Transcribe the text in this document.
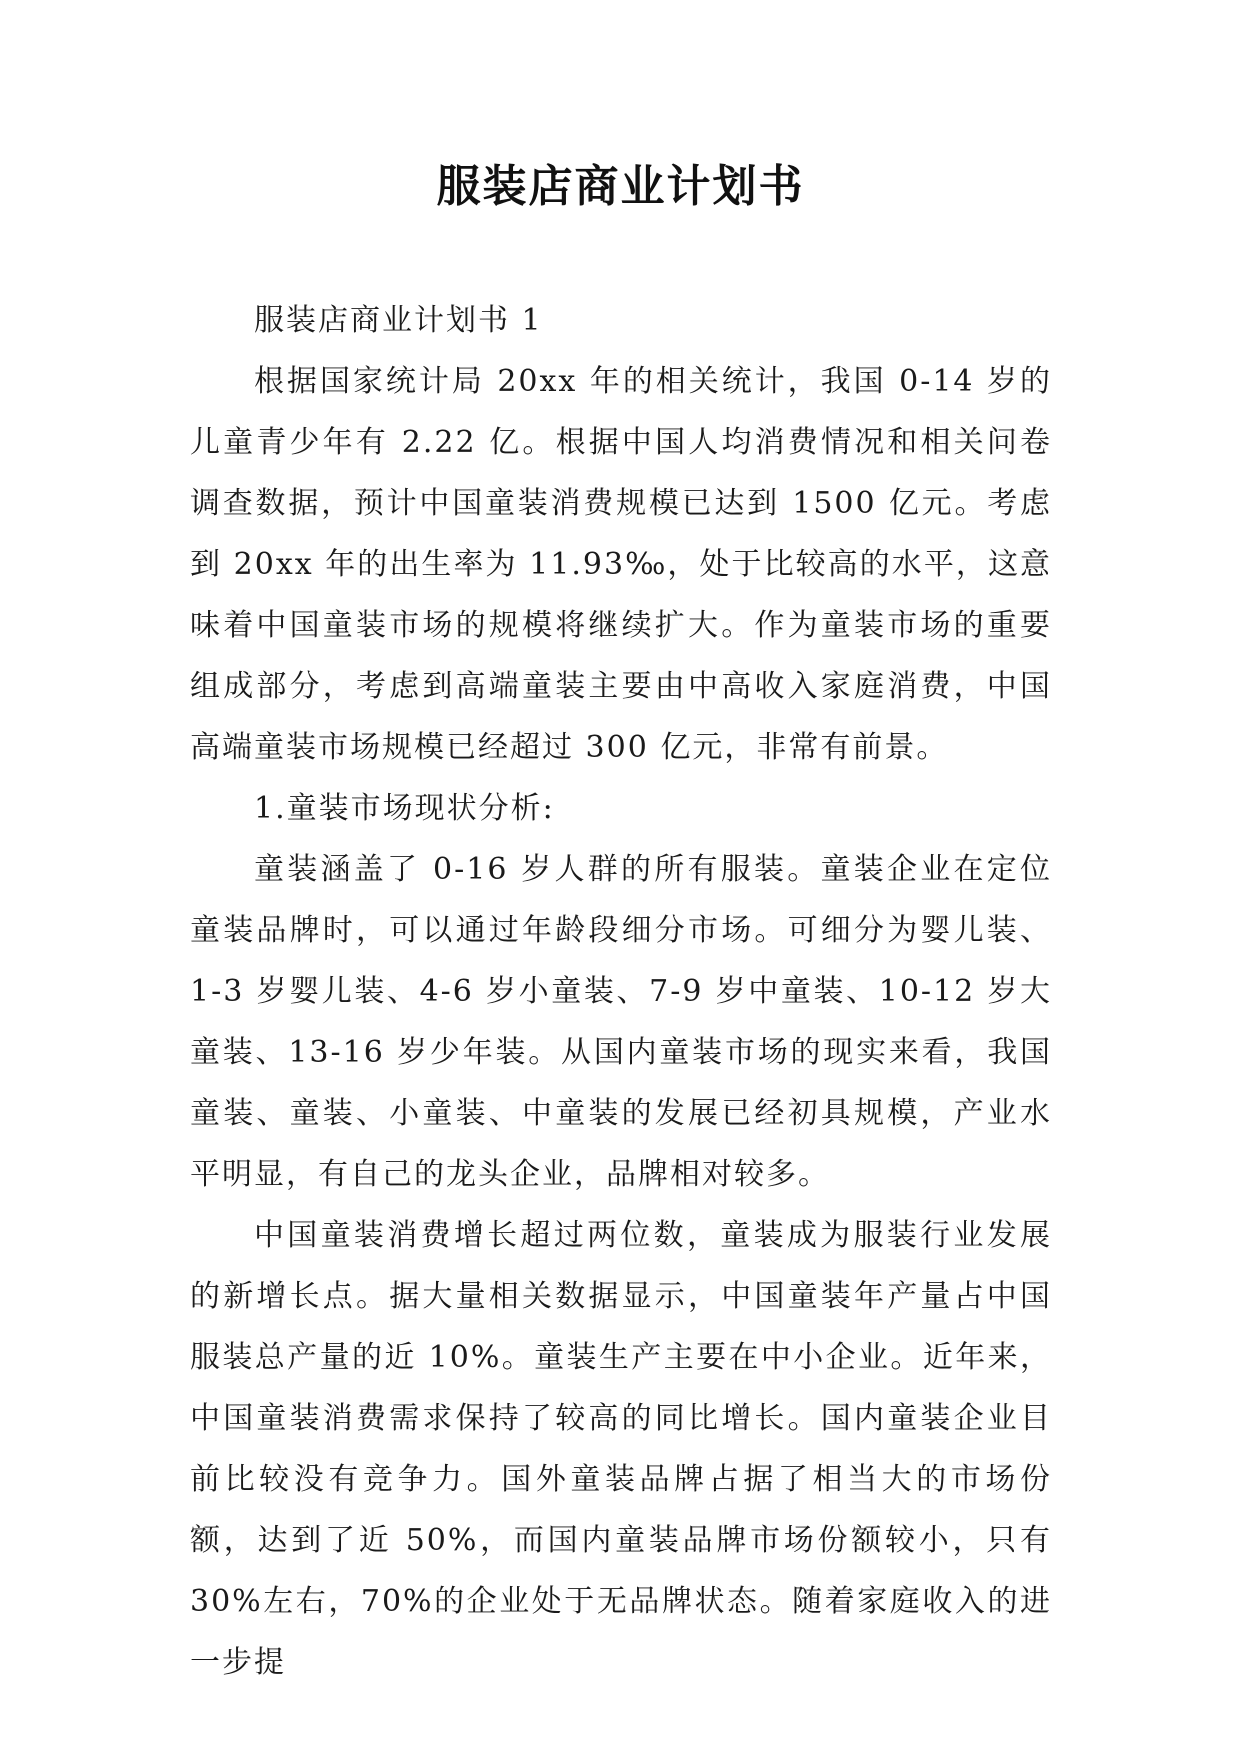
服装店商业计划书

服装店商业计划书 1

根据国家统计局 20xx 年的相关统计，我国 0-14 岁的儿童青少年有 2.22 亿。根据中国人均消费情况和相关问卷调查数据，预计中国童装消费规模已达到 1500 亿元。考虑到 20xx 年的出生率为 11.93‰，处于比较高的水平，这意味着中国童装市场的规模将继续扩大。作为童装市场的重要组成部分，考虑到高端童装主要由中高收入家庭消费，中国高端童装市场规模已经超过 300 亿元，非常有前景。

1.童装市场现状分析:

童装涵盖了 0-16 岁人群的所有服装。童装企业在定位童装品牌时，可以通过年龄段细分市场。可细分为婴儿装、1-3 岁婴儿装、4-6 岁小童装、7-9 岁中童装、10-12 岁大童装、13-16 岁少年装。从国内童装市场的现实来看，我国童装、童装、小童装、中童装的发展已经初具规模，产业水平明显，有自己的龙头企业，品牌相对较多。

中国童装消费增长超过两位数，童装成为服装行业发展的新增长点。据大量相关数据显示，中国童装年产量占中国服装总产量的近 10%。童装生产主要在中小企业。近年来，中国童装消费需求保持了较高的同比增长。国内童装企业目前比较没有竞争力。国外童装品牌占据了相当大的市场份额，达到了近 50%，而国内童装品牌市场份额较小，只有 30%左右，70%的企业处于无品牌状态。随着家庭收入的进一步提
